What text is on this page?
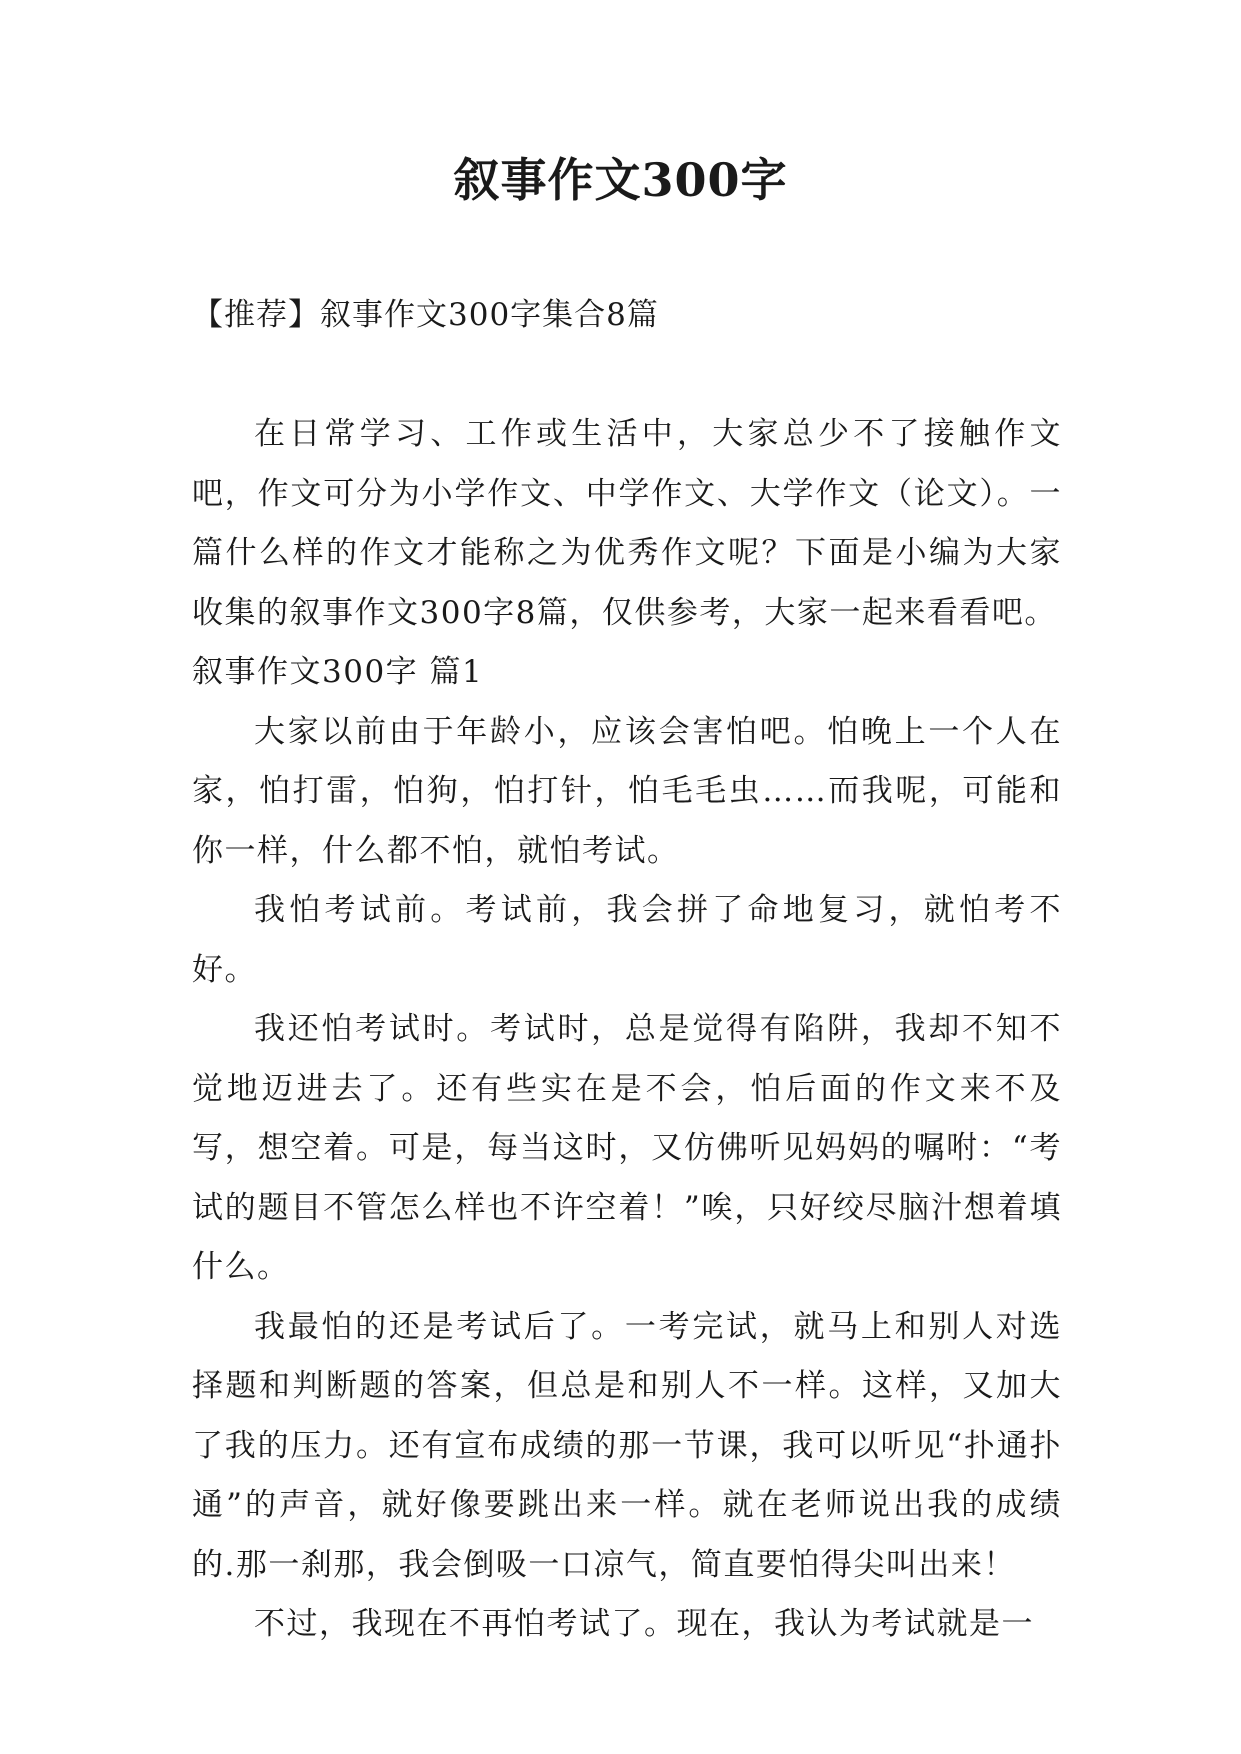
叙事作文300字
【推荐】叙事作文300字集合8篇

在日常学习、工作或生活中，大家总少不了接触作文吧，作文可分为小学作文、中学作文、大学作文（论文）。一篇什么样的作文才能称之为优秀作文呢？下面是小编为大家收集的叙事作文300字8篇，仅供参考，大家一起来看看吧。

叙事作文300字 篇1

大家以前由于年龄小，应该会害怕吧。怕晚上一个人在家，怕打雷，怕狗，怕打针，怕毛毛虫……而我呢，可能和你一样，什么都不怕，就怕考试。

我怕考试前。考试前，我会拼了命地复习，就怕考不好。

我还怕考试时。考试时，总是觉得有陷阱，我却不知不觉地迈进去了。还有些实在是不会，怕后面的作文来不及写，想空着。可是，每当这时，又仿佛听见妈妈的嘱咐：“考试的题目不管怎么样也不许空着！”唉，只好绞尽脑汁想着填什么。

我最怕的还是考试后了。一考完试，就马上和别人对选择题和判断题的答案，但总是和别人不一样。这样，又加大了我的压力。还有宣布成绩的那一节课，我可以听见“扑通扑通”的声音，就好像要跳出来一样。就在老师说出我的成绩的.那一刹那，我会倒吸一口凉气，简直要怕得尖叫出来！

不过，我现在不再怕考试了。现在，我认为考试就是一
